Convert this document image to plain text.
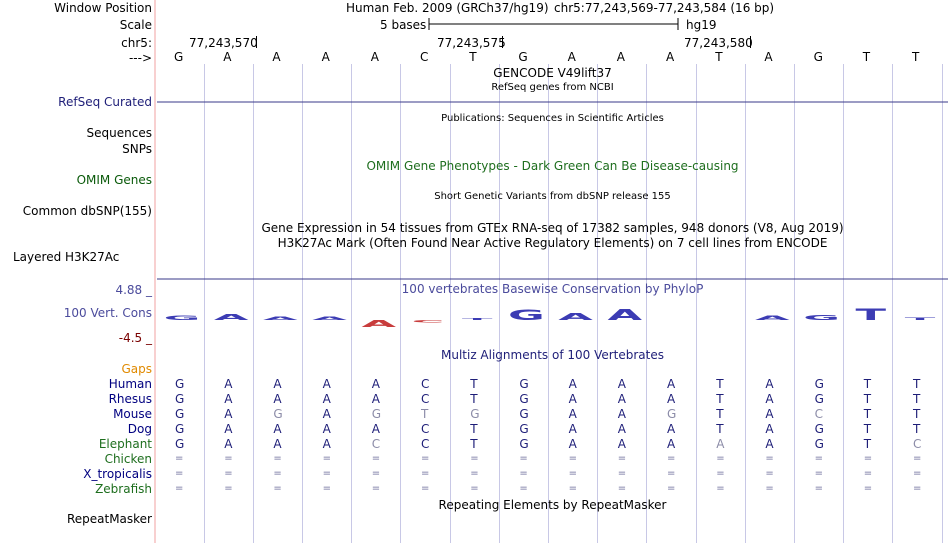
Window Position	Human Feb. 2009 (GRCh37/hg19) chr5:77,243,569-77,243,584 (16 bp)
Scale	5 bases	hg19
chr5:	77,243,570	77,243,575	77,243,580
---> G	A	A	A	A	C	T	G	A	A	A	T	A	G	T	T
GENCODE V49lift37
RefSeq genes from NCBI
RefSeq Curated
Publications: Sequences in Scientific Articles
Sequences
SNPs
OMIM Gene Phenotypes - Dark Green Can Be Disease-causing
OMIM Genes
Short Genetic Variants from dbSNP release 155
Common dbSNP(155)
Gene Expression in 54 tissues from GTEx RNA-seq of 17382 samples, 948 donors (V8, Aug 2019)
H3K27Ac Mark (Often Found Near Active Regulatory Elements) on 7 cell lines from ENCODE
Layered H3K27Ac
100 vertebrates Basewise Conservation by PhyloP
4.88 _
100 Vert. Cons
-4.5 _
Multiz Alignments of 100 Vertebrates
Gaps
Human G	A	A	A	A	C	T	G	A	A	A	T	A	G	T	T
Rhesus G	A	A	A	A	C	T	G	A	A	A	T	A	G	T	T
Mouse G	A	G	A	G	T	G	G	A	A	G	T	A	C	T	T
Dog G	A	A	A	A	C	T	G	A	A	A	T	A	G	T	T
Elephant G	A	A	A	C	C	T	G	A	A	A	A	A	G	T	C
Chicken =	=	=	=	=	=	=	=	=	=	=	=	=	=	=	=
X_tropicalis =	=	=	=	=	=	=	=	=	=	=	=	=	=	=	=
Zebrafish =	=	=	=	=	=	=	=	=	=	=	=	=	=	=	=
Repeating Elements by RepeatMasker
RepeatMasker
G A A A A C
T G A A	A G T T
